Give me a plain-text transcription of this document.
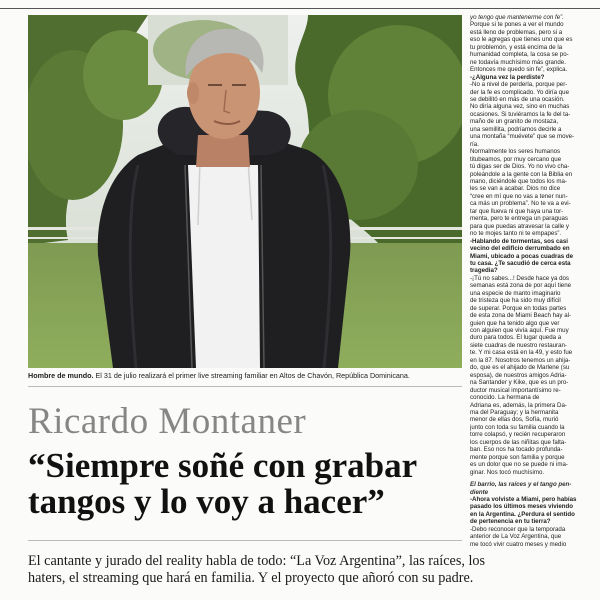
Hombre de mundo. El 31 de julio realizará el primer live streaming familiar en Altos de Chavón, República Dominicana.
Ricardo Montaner
“Siempre soñé con grabar
tangos y lo voy a hacer”
El cantante y jurado del reality habla de todo: “La Voz Argentina”, las raíces, los
haters, el streaming que hará en familia. Y el proyecto que añoró con su padre.

yo tengo que mantenerme con fe”.

Porque si te pones a ver el mundo

está lleno de problemas, pero si a

eso le agregas que tienes uno que es

tu problemón, y está encima de la

humanidad completa, la cosa se po-

ne todavía muchísimo más grande.

Entonces me quedo sin fe”, explica.

-¿Alguna vez la perdiste?

-No a nivel de perderla, porque per-

der la fe es complicado. Yo diría que

se debilitó en más de una ocasión.

No diría alguna vez, sino en muchas

ocasiones. Si tuviéramos la fe del ta-

maño de un granito de mostaza,

una semillita, podríamos decirle a

una montaña “muévete” que se move-

ría.

Normalmente los seres humanos

titubeamos, por muy cercano que

tú digas ser de Dios. Yo no vivo cha-

poleándole a la gente con la Biblia en

mano, diciéndole que todos los ma-

les se van a acabar. Dios no dice

“cree en mí que no vas a tener nun-

ca más un problema”. No te va a evi-

tar que llueva ni que haya una tor-

menta, pero te entrega un paraguas

para que puedas atravesar la calle y

no te mojes tanto ni te empapes”.

-Hablando de tormentas, sos casi

vecino del edificio derrumbado en

Miami, ubicado a pocas cuadras de

tu casa. ¿Te sacudió de cerca esta

tragedia?

-¡Tú no sabes...! Desde hace ya dos

semanas está zona de por aquí tiene

una especie de manto imaginario

de tristeza que ha sido muy difícil

de superar. Porque en todas partes

de esta zona de Miami Beach hay al-

guien que ha tenido algo que ver

con alguien que vivía aquí. Fue muy

duro para todos. El lugar queda a

siete cuadras de nuestro restauran-

te. Y mi casa está en la 49, y esto fue

en la 87. Nosotros tenemos un ahija-

do, que es el ahijado de Marlene (su

esposa), de nuestros amigos Adria-

na Santander y Kike, que es un pro-

ductor musical importantísimo re-

conocido. La hermana de

Adriana es, además, la primera Da-

ma del Paraguay; y la hermanita

menor de ellas dos, Sofía, murió

junto con toda su familia cuando la

torre colapsó, y recién recuperaron

los cuerpos de las niñitas que falta-

ban. Eso nos ha tocado profunda-

mente porque son familia y porque

es un dolor que no se puede ni ima-

ginar. Nos tocó muchísimo.

El barrio, las raíces y el tango pen-

diente

-Ahora volviste a Miami, pero habías

pasado los últimos meses viviendo

en la Argentina. ¿Perdura el sentido

de pertenencia en tu tierra?

-Debo reconocer que la temporada

anterior de La Voz Argentina, que

me tocó vivir cuatro meses y medio
